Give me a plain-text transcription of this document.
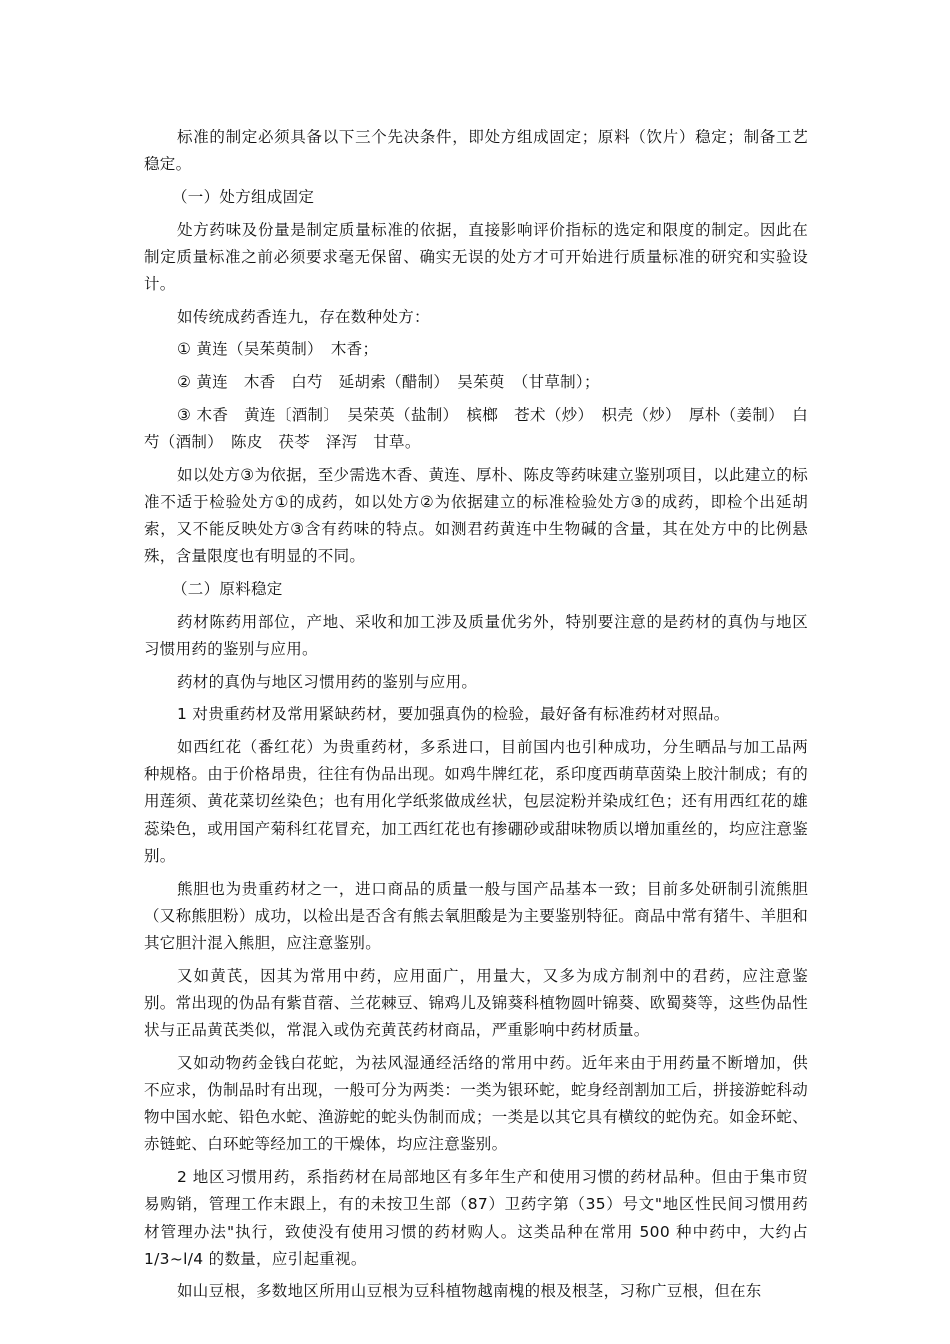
标准的制定必须具备以下三个先决条件，即处方组成固定；原料（饮片）稳定；制备工艺稳定。

（一）处方组成固定

处方药味及份量是制定质量标准的依据，直接影响评价指标的选定和限度的制定。因此在制定质量标准之前必须要求毫无保留、确实无误的处方才可开始进行质量标准的研究和实验设计。

如传统成药香连九，存在数种处方：

① 黄连（吴茱萸制）　木香；

② 黄连　木香　白芍　延胡索（醋制）　吴茱萸　（甘草制）；

③ 木香　黄连〔酒制〕　吴荣英（盐制）　槟榔　苍术（炒）　枳壳（炒）　厚朴（姜制）　白芍（酒制）　陈皮　茯苓　泽泻　甘草。

如以处方③为依据，至少需选木香、黄连、厚朴、陈皮等药味建立鉴别项目，以此建立的标准不适于检验处方①的成药，如以处方②为依据建立的标准检验处方③的成药，即检个出延胡索，又不能反映处方③含有药味的特点。如测君药黄连中生物碱的含量，其在处方中的比例悬殊，含量限度也有明显的不同。

（二）原料稳定

药材陈药用部位，产地、采收和加工涉及质量优劣外，特别要注意的是药材的真伪与地区习惯用药的鉴别与应用。

药材的真伪与地区习惯用药的鉴别与应用。

1 对贵重药材及常用紧缺药材，要加强真伪的检验，最好备有标准药材对照品。

如西红花（番红花）为贵重药材，多系进口，目前国内也引种成功，分生晒品与加工品两种规格。由于价格昂贵，往往有伪品出现。如鸡牛牌红花，系印度西萌草茵染上胶汁制成；有的用莲须、黄花菜切丝染色；也有用化学纸浆做成丝状，包层淀粉并染成红色；还有用西红花的雄蕊染色，或用国产菊科红花冒充，加工西红花也有掺硼砂或甜味物质以增加重丝的，均应注意鉴别。

熊胆也为贵重药材之一，进口商品的质量一般与国产品基本一致；目前多处研制引流熊胆（又称熊胆粉）成功，以检出是否含有熊去氧胆酸是为主要鉴别特征。商品中常有猪牛、羊胆和其它胆汁混入熊胆，应注意鉴别。

又如黄芪，因其为常用中药，应用面广，用量大，又多为成方制剂中的君药，应注意鉴别。常出现的伪品有紫苜蓿、兰花棘豆、锦鸡儿及锦葵科植物圆叶锦葵、欧蜀葵等，这些伪品性状与正品黄芪类似，常混入或伪充黄芪药材商品，严重影响中药材质量。

又如动物药金钱白花蛇，为祛风湿通经活络的常用中药。近年来由于用药量不断增加，供不应求，伪制品时有出现，一般可分为两类：一类为银环蛇，蛇身经剖割加工后，拼接游蛇科动物中国水蛇、铅色水蛇、渔游蛇的蛇头伪制而成；一类是以其它具有横纹的蛇伪充。如金环蛇、赤链蛇、白环蛇等经加工的干燥体，均应注意鉴别。

2 地区习惯用药，系指药材在局部地区有多年生产和使用习惯的药材品种。但由于集市贸易购销，管理工作末跟上，有的未按卫生部（87）卫药字第（35）号文"地区性民间习惯用药材管理办法"执行，致使没有使用习惯的药材购人。这类品种在常用 500 种中药中，大约占 1/3~l/4 的数量，应引起重视。

如山豆根，多数地区所用山豆根为豆科植物越南槐的根及根茎，习称广豆根，但在东
